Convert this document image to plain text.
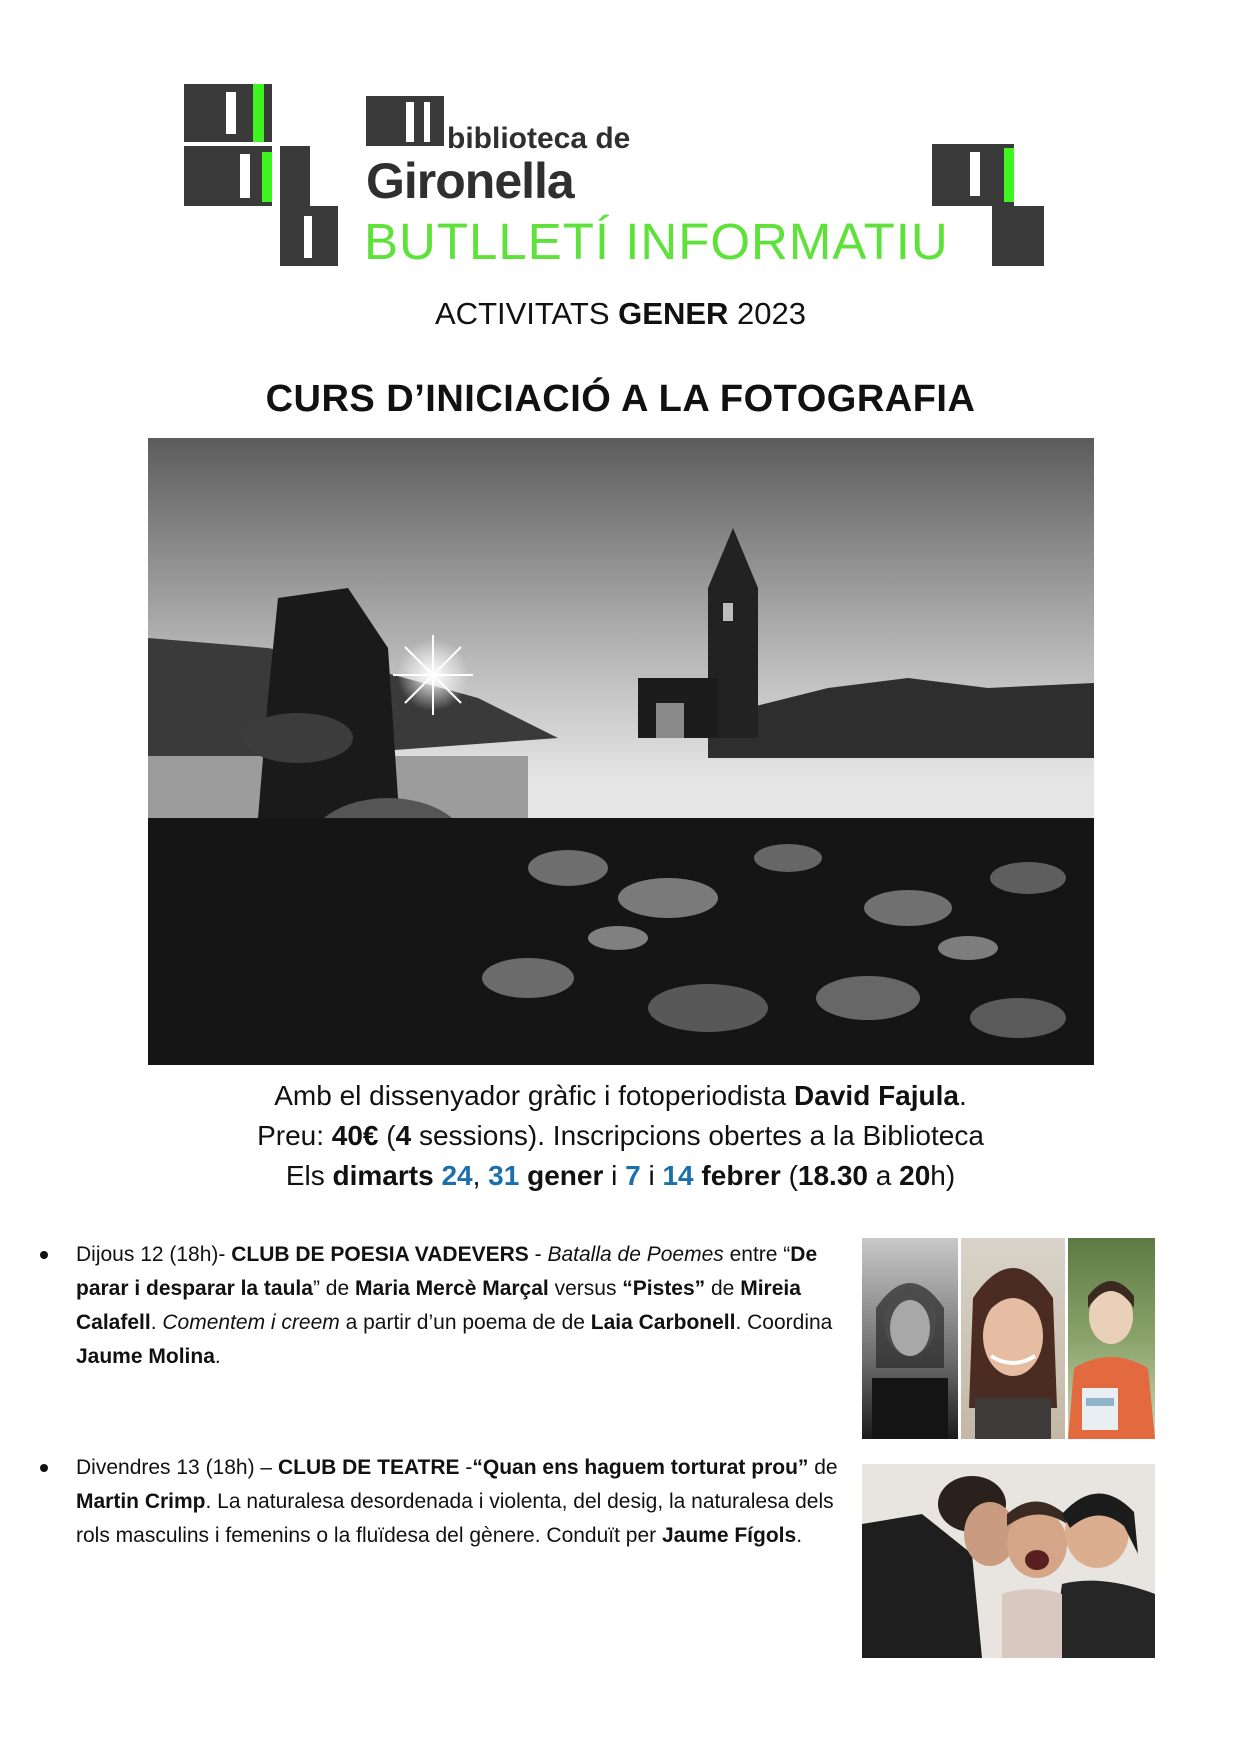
biblioteca de
Gironella
BUTLLETÍ INFORMATIU
ACTIVITATS GENER 2023
CURS D’INICIACIÓ A LA FOTOGRAFIA
Amb el dissenyador gràfic i fotoperiodista David Fajula.
Preu: 40€ (4 sessions). Inscripcions obertes a la Biblioteca
Els dimarts 24, 31 gener i 7 i 14 febrer (18.30 a 20h)
Dijous 12 (18h)- CLUB DE POESIA VADEVERS - Batalla de Poemes entre “De parar i desparar la taula” de Maria Mercè Marçal versus “Pistes” de Mireia Calafell. Comentem i creem a partir d’un poema de de Laia Carbonell. Coordina Jaume Molina.
Divendres 13 (18h) – CLUB DE TEATRE -“Quan ens haguem torturat prou” de Martin Crimp. La naturalesa desordenada i violenta, del desig, la naturalesa dels rols masculins i femenins o la fluïdesa del gènere. Conduït per Jaume Fígols.
